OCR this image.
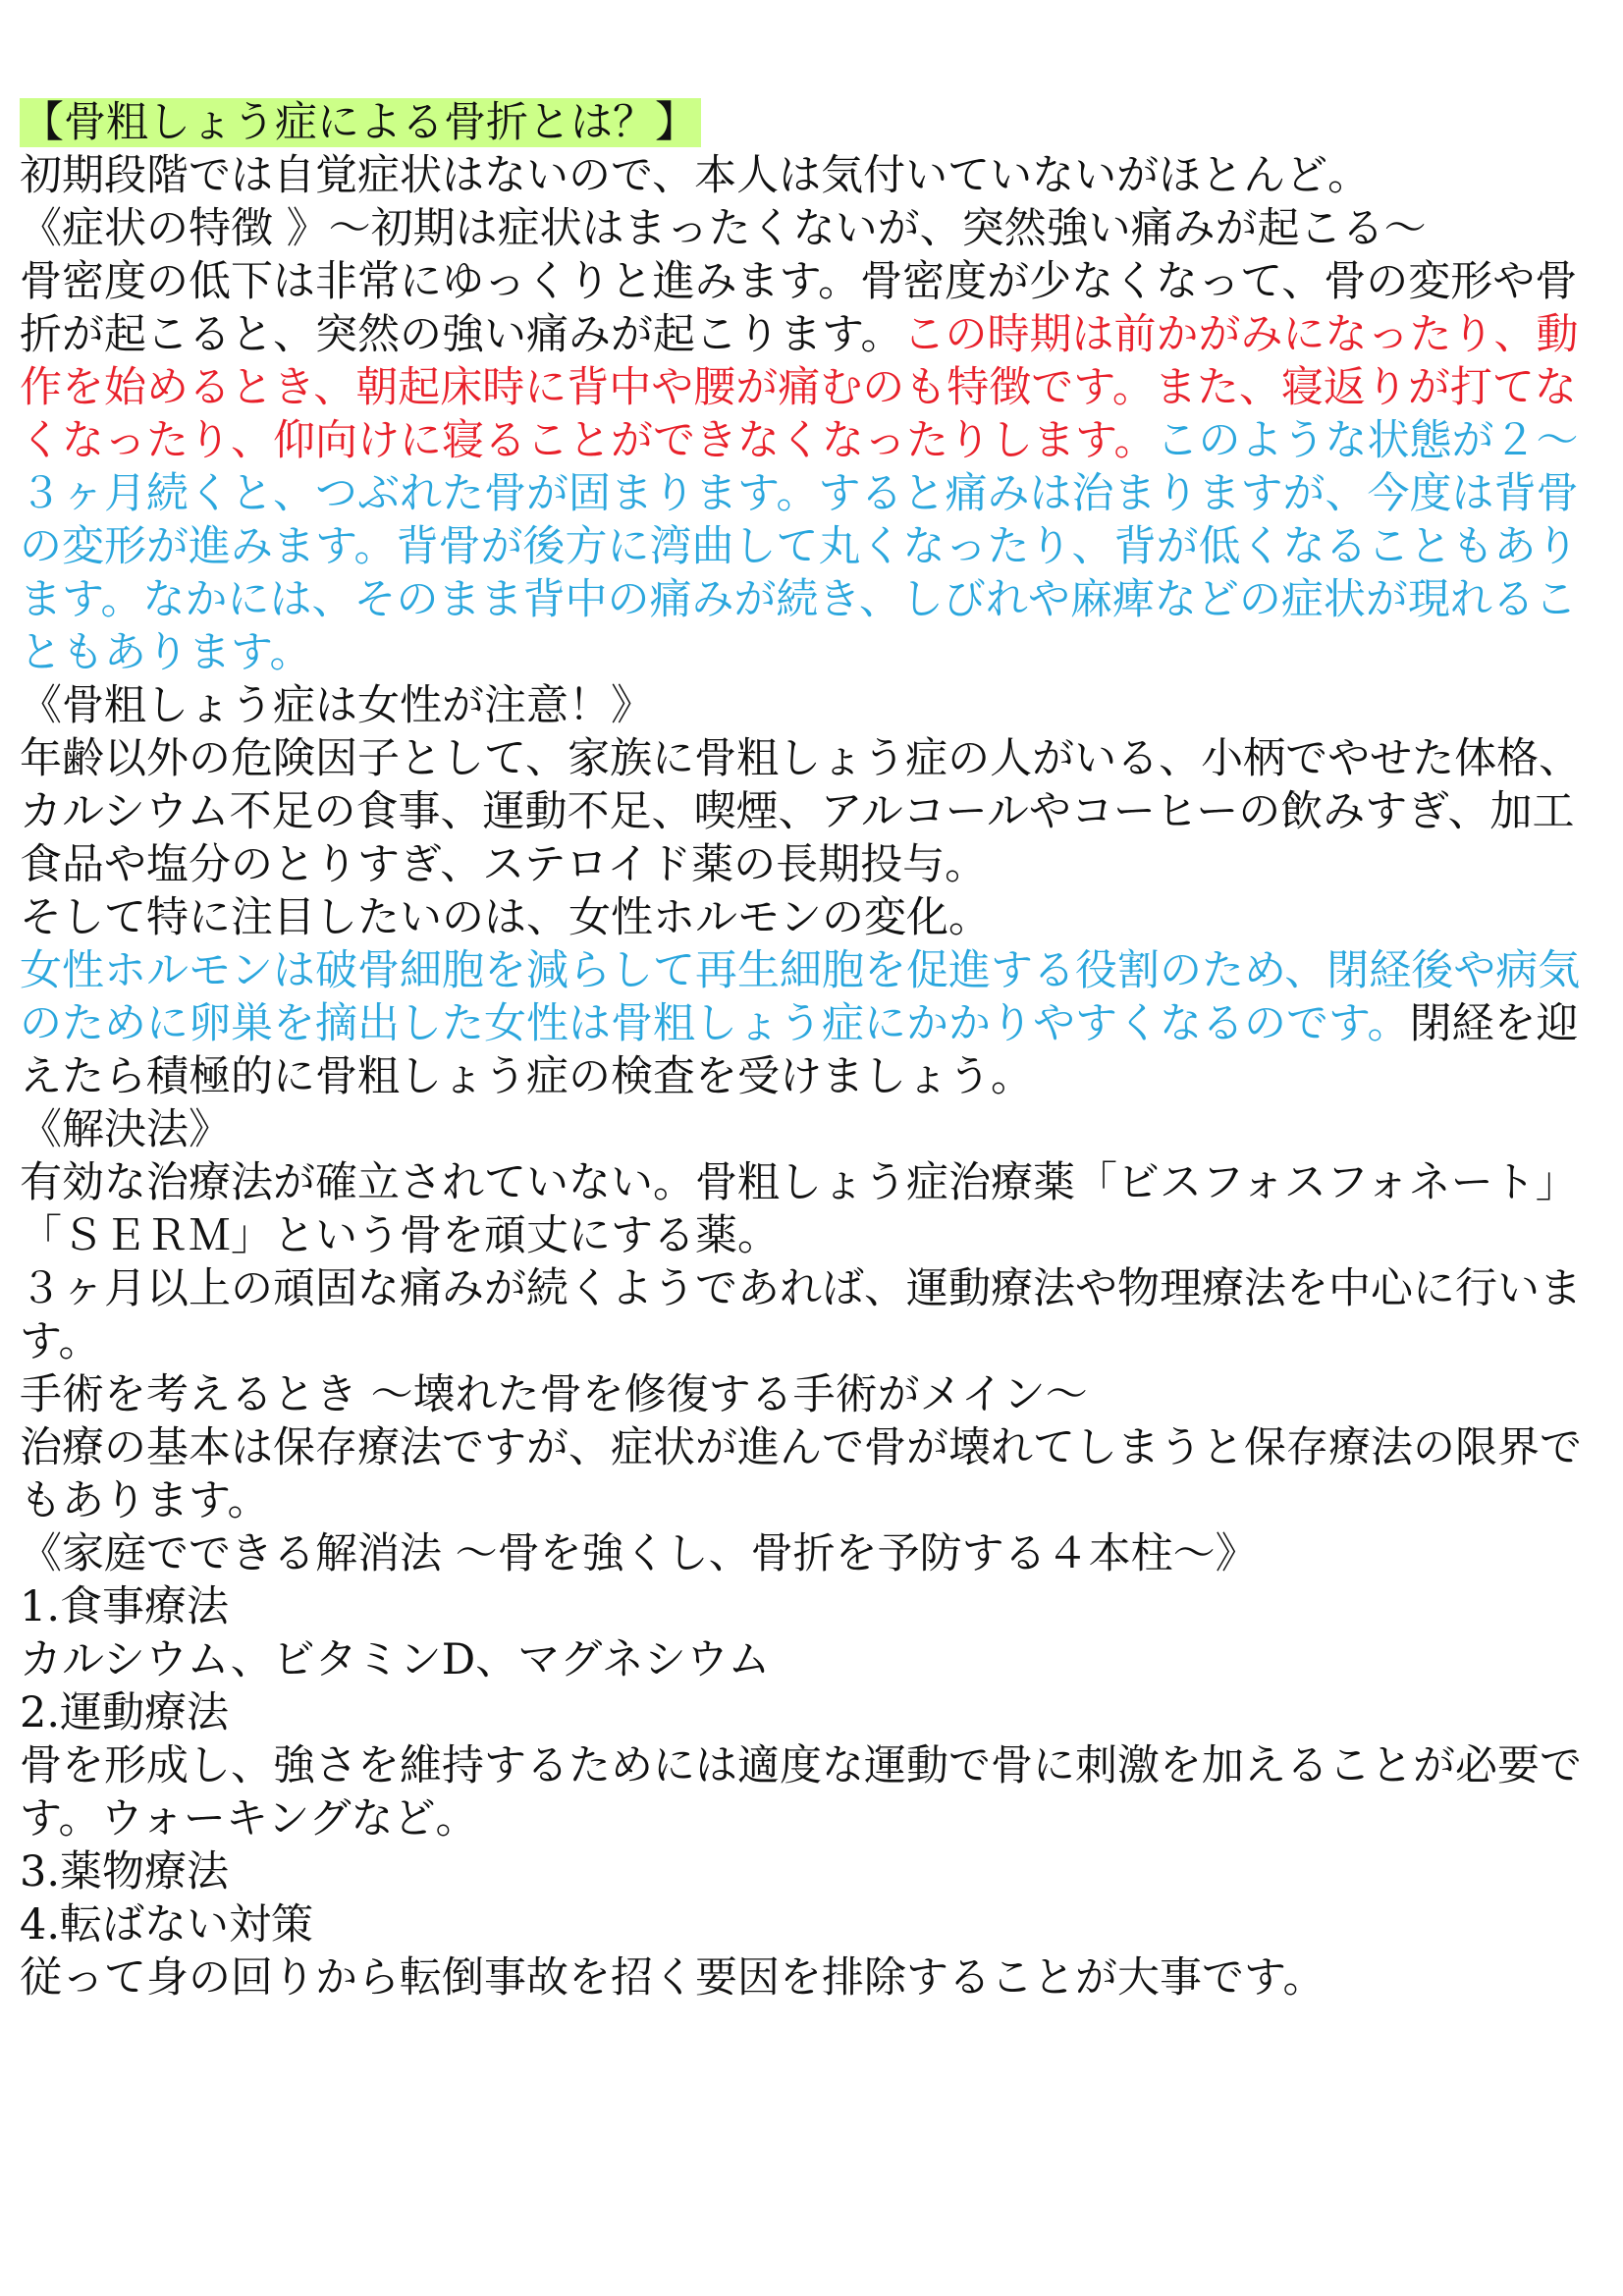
【骨粗しょう症による骨折とは？】
初期段階では自覚症状はないので、本人は気付いていないがほとんど。
《症状の特徴 》〜初期は症状はまったくないが、突然強い痛みが起こる〜
骨密度の低下は非常にゆっくりと進みます。骨密度が少なくなって、骨の変形や骨折が起こると、突然の強い痛みが起こります。この時期は前かがみになったり、動作を始めるとき、朝起床時に背中や腰が痛むのも特徴です。また、寝返りが打てなくなったり、仰向けに寝ることができなくなったりします。このような状態が２〜３ヶ月続くと、つぶれた骨が固まります。すると痛みは治まりますが、今度は背骨の変形が進みます。背骨が後方に湾曲して丸くなったり、背が低くなることもあります。なかには、そのまま背中の痛みが続き、しびれや麻痺などの症状が現れることもあります。
《骨粗しょう症は女性が注意！》
年齢以外の危険因子として、家族に骨粗しょう症の人がいる、小柄でやせた体格、カルシウム不足の食事、運動不足、喫煙、アルコールやコーヒーの飲みすぎ、加工食品や塩分のとりすぎ、ステロイド薬の長期投与。
そして特に注目したいのは、女性ホルモンの変化。
女性ホルモンは破骨細胞を減らして再生細胞を促進する役割のため、閉経後や病気のために卵巣を摘出した女性は骨粗しょう症にかかりやすくなるのです。閉経を迎えたら積極的に骨粗しょう症の検査を受けましょう。
《解決法》
有効な治療法が確立されていない。骨粗しょう症治療薬「ビスフォスフォネート」「ＳＥＲＭ」という骨を頑丈にする薬。
３ヶ月以上の頑固な痛みが続くようであれば、運動療法や物理療法を中心に行います。
手術を考えるとき 〜壊れた骨を修復する手術がメイン〜
治療の基本は保存療法ですが、症状が進んで骨が壊れてしまうと保存療法の限界でもあります。
《家庭でできる解消法 〜骨を強くし、骨折を予防する４本柱〜》
1.食事療法
カルシウム、ビタミンD、マグネシウム
2.運動療法
骨を形成し、強さを維持するためには適度な運動で骨に刺激を加えることが必要です。ウォーキングなど。
3.薬物療法
4.転ばない対策
従って身の回りから転倒事故を招く要因を排除することが大事です。
